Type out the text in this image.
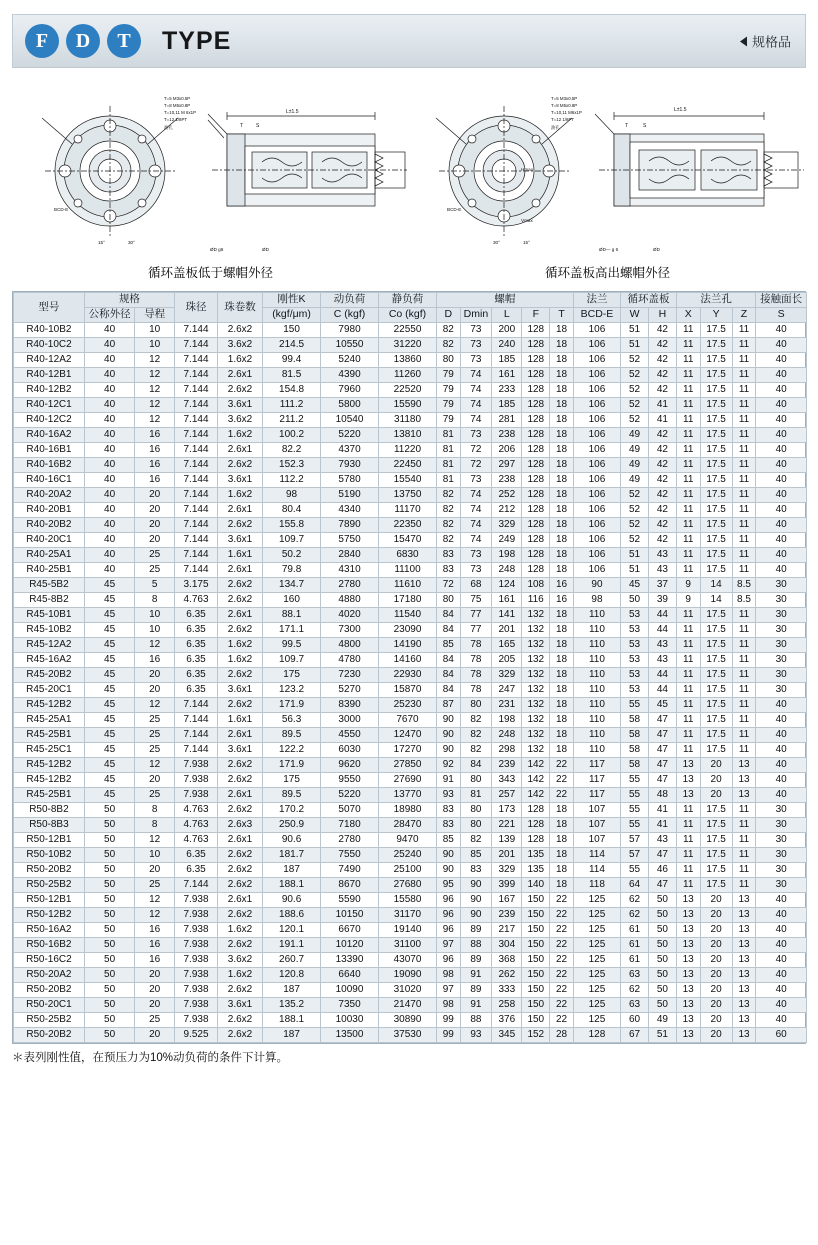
F	D	T	TYPE	规格品
T=5 M3x0.5P
T=8 M5x0.8P
T=10,11 M 6x1P
T=12 1/8PT
油孔
L±1.5
T	S
BCD-E
15°	30°
ØD g6	ØD
T=5 M3x0.5P
T=8 M5x0.8P
T=10,11 M6x1P
T=12 1/8PT
油孔
L±1.5
T	S
BCD-E
30°	15°
Hmax
Vmax
ØD— g 6	ØD
循环盖板低于螺帽外径	循环盖板高出螺帽外径
型号	规格		珠径	珠卷数	刚性K	动负荷	静负荷	螺帽					法兰	循环盖板		法兰孔			接触面长
	公称外径	导程						D	Dmin	L	F	T	BCD-E	W	H	X	Y	Z	
					(kgf/μm)	C (kgf)	Co (kgf)												S
R40-10B2	40	10	7.144	2.6x2	150	7980	22550	82	73	200	128	18	106	51	42	11	17.5	11	40
R40-10C2	40	10	7.144	3.6x2	214.5	10550	31220	82	73	240	128	18	106	51	42	11	17.5	11	40
R40-12A2	40	12	7.144	1.6x2	99.4	5240	13860	80	73	185	128	18	106	52	42	11	17.5	11	40
R40-12B1	40	12	7.144	2.6x1	81.5	4390	11260	79	74	161	128	18	106	52	42	11	17.5	11	40
R40-12B2	40	12	7.144	2.6x2	154.8	7960	22520	79	74	233	128	18	106	52	42	11	17.5	11	40
R40-12C1	40	12	7.144	3.6x1	111.2	5800	15590	79	74	185	128	18	106	52	41	11	17.5	11	40
R40-12C2	40	12	7.144	3.6x2	211.2	10540	31180	79	74	281	128	18	106	52	41	11	17.5	11	40
R40-16A2	40	16	7.144	1.6x2	100.2	5220	13810	81	73	238	128	18	106	49	42	11	17.5	11	40
R40-16B1	40	16	7.144	2.6x1	82.2	4370	11220	81	72	206	128	18	106	49	42	11	17.5	11	40
R40-16B2	40	16	7.144	2.6x2	152.3	7930	22450	81	72	297	128	18	106	49	42	11	17.5	11	40
R40-16C1	40	16	7.144	3.6x1	112.2	5780	15540	81	73	238	128	18	106	49	42	11	17.5	11	40
R40-20A2	40	20	7.144	1.6x2	98	5190	13750	82	74	252	128	18	106	52	42	11	17.5	11	40
R40-20B1	40	20	7.144	2.6x1	80.4	4340	11170	82	74	212	128	18	106	52	42	11	17.5	11	40
R40-20B2	40	20	7.144	2.6x2	155.8	7890	22350	82	74	329	128	18	106	52	42	11	17.5	11	40
R40-20C1	40	20	7.144	3.6x1	109.7	5750	15470	82	74	249	128	18	106	52	42	11	17.5	11	40
R40-25A1	40	25	7.144	1.6x1	50.2	2840	6830	83	73	198	128	18	106	51	43	11	17.5	11	40
R40-25B1	40	25	7.144	2.6x1	79.8	4310	11100	83	73	248	128	18	106	51	43	11	17.5	11	40
R45-5B2	45	5	3.175	2.6x2	134.7	2780	11610	72	68	124	108	16	90	45	37	9	14	8.5	30
R45-8B2	45	8	4.763	2.6x2	160	4880	17180	80	75	161	116	16	98	50	39	9	14	8.5	30
R45-10B1	45	10	6.35	2.6x1	88.1	4020	11540	84	77	141	132	18	110	53	44	11	17.5	11	30
R45-10B2	45	10	6.35	2.6x2	171.1	7300	23090	84	77	201	132	18	110	53	44	11	17.5	11	30
R45-12A2	45	12	6.35	1.6x2	99.5	4800	14190	85	78	165	132	18	110	53	43	11	17.5	11	30
R45-16A2	45	16	6.35	1.6x2	109.7	4780	14160	84	78	205	132	18	110	53	43	11	17.5	11	30
R45-20B2	45	20	6.35	2.6x2	175	7230	22930	84	78	329	132	18	110	53	44	11	17.5	11	30
R45-20C1	45	20	6.35	3.6x1	123.2	5270	15870	84	78	247	132	18	110	53	44	11	17.5	11	30
R45-12B2	45	12	7.144	2.6x2	171.9	8390	25230	87	80	231	132	18	110	55	45	11	17.5	11	40
R45-25A1	45	25	7.144	1.6x1	56.3	3000	7670	90	82	198	132	18	110	58	47	11	17.5	11	40
R45-25B1	45	25	7.144	2.6x1	89.5	4550	12470	90	82	248	132	18	110	58	47	11	17.5	11	40
R45-25C1	45	25	7.144	3.6x1	122.2	6030	17270	90	82	298	132	18	110	58	47	11	17.5	11	40
R45-12B2	45	12	7.938	2.6x2	171.9	9620	27850	92	84	239	142	22	117	58	47	13	20	13	40
R45-12B2	45	20	7.938	2.6x2	175	9550	27690	91	80	343	142	22	117	55	47	13	20	13	40
R45-25B1	45	25	7.938	2.6x1	89.5	5220	13770	93	81	257	142	22	117	55	48	13	20	13	40
R50-8B2	50	8	4.763	2.6x2	170.2	5070	18980	83	80	173	128	18	107	55	41	11	17.5	11	30
R50-8B3	50	8	4.763	2.6x3	250.9	7180	28470	83	80	221	128	18	107	55	41	11	17.5	11	30
R50-12B1	50	12	4.763	2.6x1	90.6	2780	9470	85	82	139	128	18	107	57	43	11	17.5	11	30
R50-10B2	50	10	6.35	2.6x2	181.7	7550	25240	90	85	201	135	18	114	57	47	11	17.5	11	30
R50-20B2	50	20	6.35	2.6x2	187	7490	25100	90	83	329	135	18	114	55	46	11	17.5	11	30
R50-25B2	50	25	7.144	2.6x2	188.1	8670	27680	95	90	399	140	18	118	64	47	11	17.5	11	30
R50-12B1	50	12	7.938	2.6x1	90.6	5590	15580	96	90	167	150	22	125	62	50	13	20	13	40
R50-12B2	50	12	7.938	2.6x2	188.6	10150	31170	96	90	239	150	22	125	62	50	13	20	13	40
R50-16A2	50	16	7.938	1.6x2	120.1	6670	19140	96	89	217	150	22	125	61	50	13	20	13	40
R50-16B2	50	16	7.938	2.6x2	191.1	10120	31100	97	88	304	150	22	125	61	50	13	20	13	40
R50-16C2	50	16	7.938	3.6x2	260.7	13390	43070	96	89	368	150	22	125	61	50	13	20	13	40
R50-20A2	50	20	7.938	1.6x2	120.8	6640	19090	98	91	262	150	22	125	63	50	13	20	13	40
R50-20B2	50	20	7.938	2.6x2	187	10090	31020	97	89	333	150	22	125	62	50	13	20	13	40
R50-20C1	50	20	7.938	3.6x1	135.2	7350	21470	98	91	258	150	22	125	63	50	13	20	13	40
R50-25B2	50	25	7.938	2.6x2	188.1	10030	30890	99	88	376	150	22	125	60	49	13	20	13	40
R50-20B2	50	20	9.525	2.6x2	187	13500	37530	99	93	345	152	28	128	67	51	13	20	13	60
＊表列刚性值，在预压力为10%动负荷的条件下计算。
